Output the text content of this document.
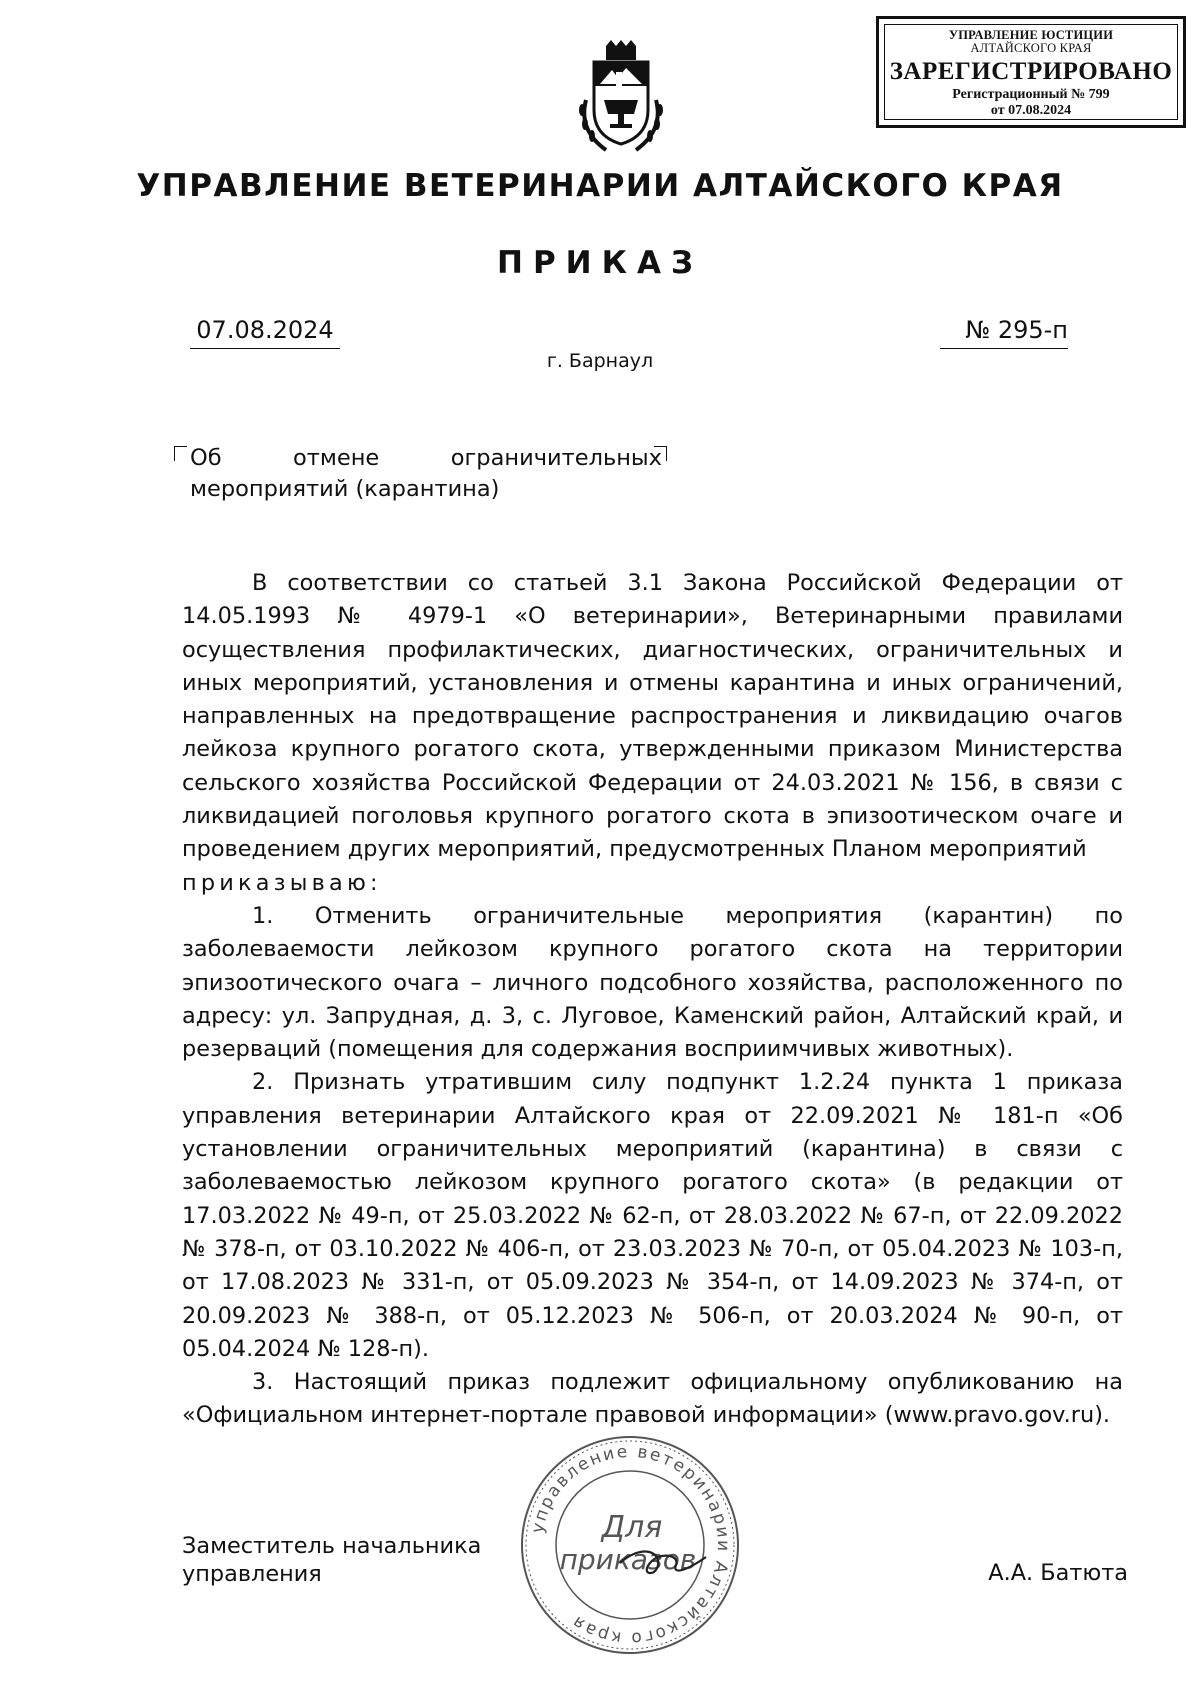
УПРАВЛЕНИЕ ЮСТИЦИИ
АЛТАЙСКОГО КРАЯ
ЗАРЕГИСТРИРОВАНО
Регистрационный № 799
от 07.08.2024
УПРАВЛЕНИЕ ВЕТЕРИНАРИИ АЛТАЙСКОГО КРАЯ
ПРИКАЗ
07.08.2024	№ 295-п
г. Барнаул
Об отмене ограничительных мероприятий (карантина)

В соответствии со статьей 3.1 Закона Российской Федерации от 14.05.1993 № 4979-1 «О ветеринарии», Ветеринарными правилами осуществления профилактических, диагностических, ограничительных и иных мероприятий, установления и отмены карантина и иных ограничений, направленных на предотвращение распространения и ликвидацию очагов лейкоза крупного рогатого скота, утвержденными приказом Министерства сельского хозяйства Российской Федерации от 24.03.2021 № 156, в связи с ликвидацией поголовья крупного рогатого скота в эпизоотическом очаге и проведением других мероприятий, предусмотренных Планом мероприятий

приказываю:

1. Отменить ограничительные мероприятия (карантин) по заболеваемости лейкозом крупного рогатого скота на территории эпизоотического очага – личного подсобного хозяйства, расположенного по адресу: ул. Запрудная, д. 3, с. Луговое, Каменский район, Алтайский край, и резерваций (помещения для содержания восприимчивых животных).

2. Признать утратившим силу подпункт 1.2.24 пункта 1 приказа управления ветеринарии Алтайского края от 22.09.2021 № 181-п «Об установлении ограничительных мероприятий (карантина) в связи с заболеваемостью лейкозом крупного рогатого скота» (в редакции от 17.03.2022 № 49-п, от 25.03.2022 № 62-п, от 28.03.2022 № 67-п, от 22.09.2022 № 378-п, от 03.10.2022 № 406-п, от 23.03.2023 № 70-п, от 05.04.2023 № 103-п, от 17.08.2023 № 331-п, от 05.09.2023 № 354-п, от 14.09.2023 № 374-п, от 20.09.2023 № 388-п, от 05.12.2023 № 506-п, от 20.03.2024 № 90-п, от 05.04.2024 № 128-п).

3. Настоящий приказ подлежит официальному опубликованию на «Официальном интернет-портале правовой информации» (www.pravo.gov.ru).

Заместитель начальника управления	А.А. Батюта
управление ветеринарии Алтайского края
Для
приказов
